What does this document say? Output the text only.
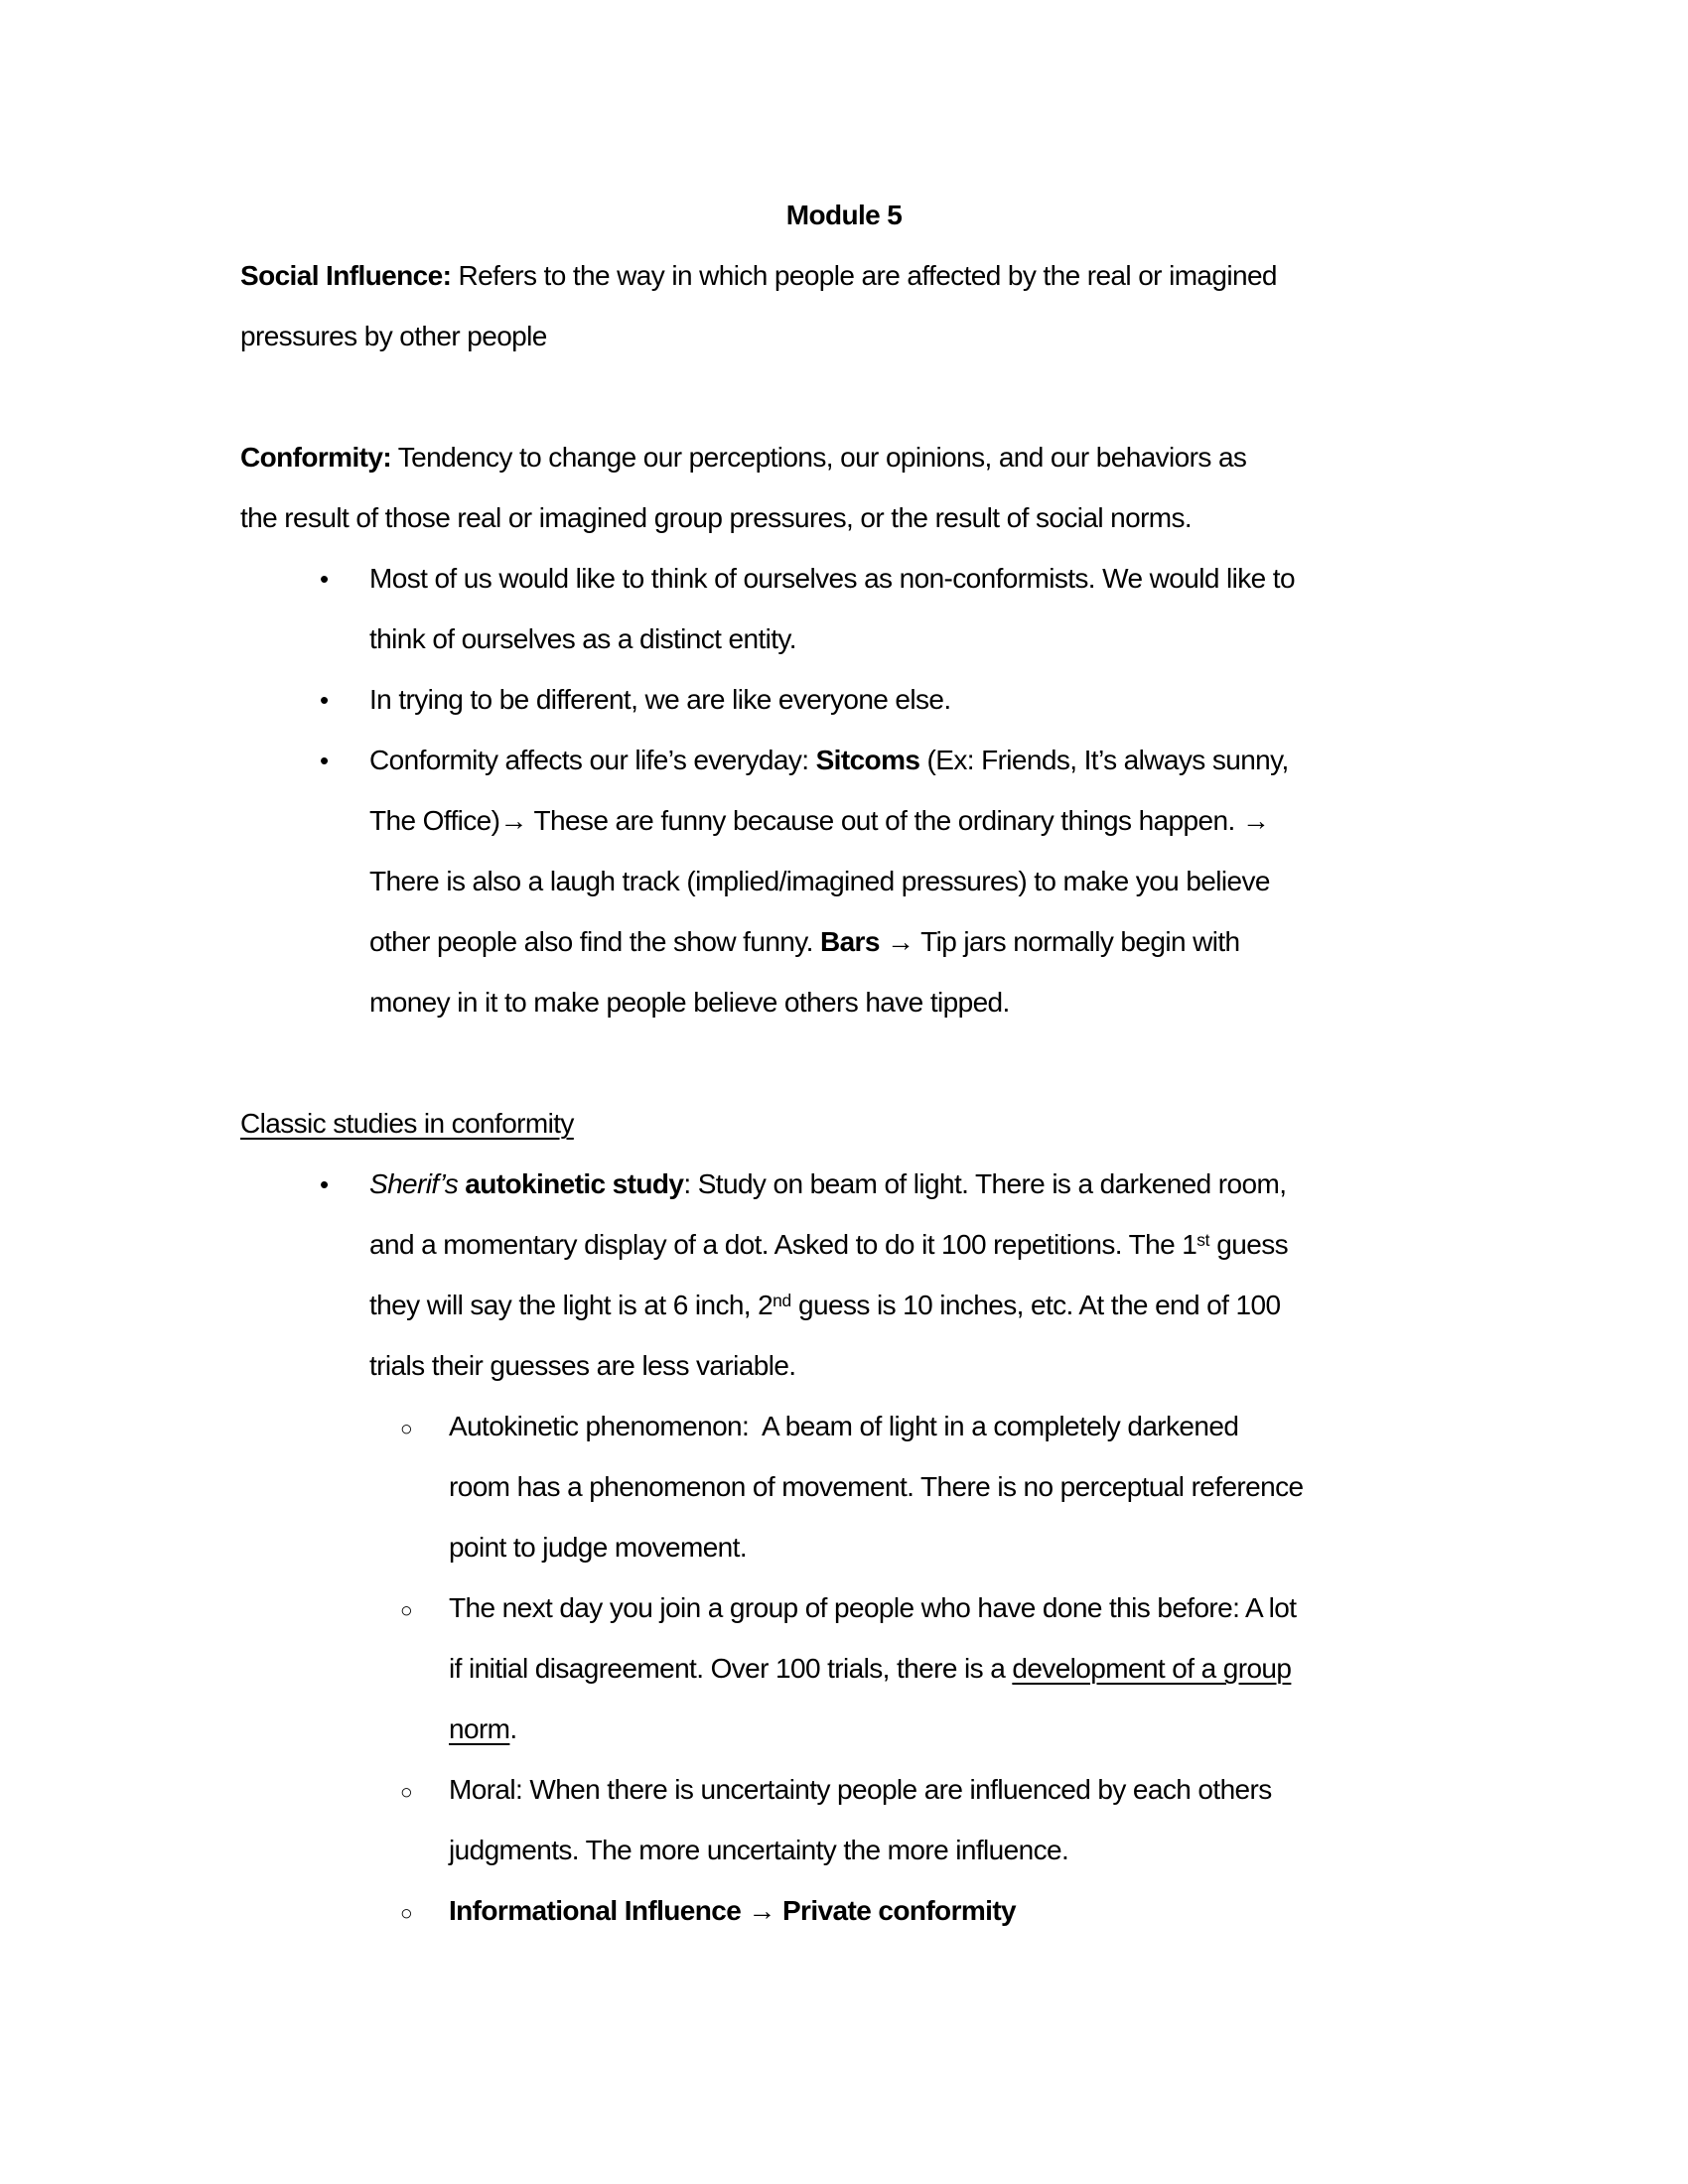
Module 5
Social Influence: Refers to the way in which people are affected by the real or imagined
pressures by other people
Conformity: Tendency to change our perceptions, our opinions, and our behaviors as
the result of those real or imagined group pressures, or the result of social norms.
• Most of us would like to think of ourselves as non-conformists. We would like to
think of ourselves as a distinct entity.
• In trying to be different, we are like everyone else.
• Conformity affects our life’s everyday: Sitcoms (Ex: Friends, It’s always sunny,
The Office)→ These are funny because out of the ordinary things happen. →
There is also a laugh track (implied/imagined pressures) to make you believe
other people also find the show funny. Bars → Tip jars normally begin with
money in it to make people believe others have tipped.
Classic studies in conformity
• Sherif’s autokinetic study: Study on beam of light. There is a darkened room,
and a momentary display of a dot. Asked to do it 100 repetitions. The 1st guess
they will say the light is at 6 inch, 2nd guess is 10 inches, etc. At the end of 100
trials their guesses are less variable.
○ Autokinetic phenomenon:  A beam of light in a completely darkened
room has a phenomenon of movement. There is no perceptual reference
point to judge movement.
○ The next day you join a group of people who have done this before: A lot
if initial disagreement. Over 100 trials, there is a development of a group
norm.
○ Moral: When there is uncertainty people are influenced by each others
judgments. The more uncertainty the more influence.
○ Informational Influence → Private conformity
